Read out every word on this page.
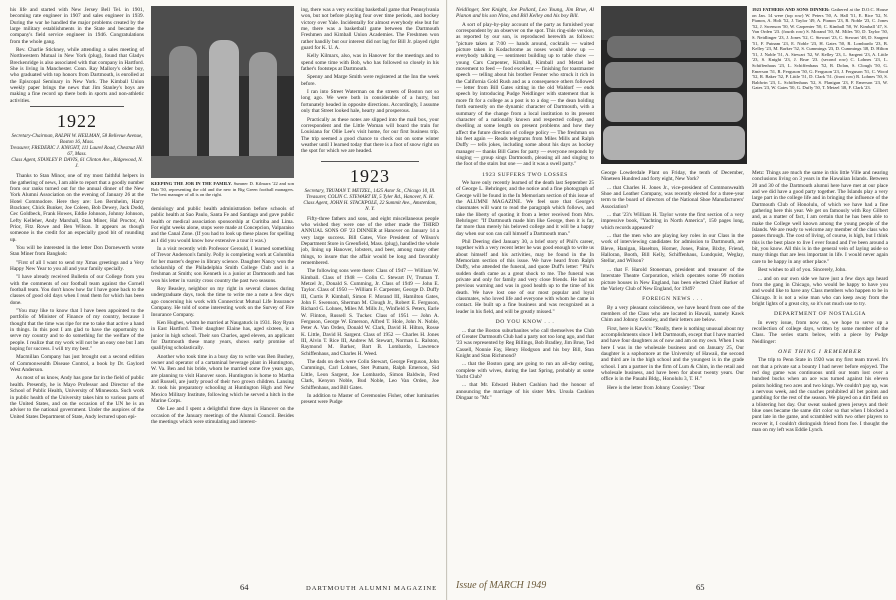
his life and started with New Jersey Bell Tel. in 1901, becoming rate engineer in 1907 and sales engineer in 1939. During the war he handled the major problems created by the large military establishments in the State and became the company's field service engineer in 1946. Congratulations from the whole gang.

Rev. Charlie Stickney, while attending a sales meeting of Northwestern Mutual in New York (plug), found that Gladys Breckenridge is also associated with that company in Hartford. She is living in Manchester. Conn. Ray Mallory's older boy, who graduated with top honors from Dartmouth, is enrolled at the Episcopal Seminary in New York. The Kimball Union weekly paper brings the news that Jim Stanley's boys are making a fine record up there both in sports and non-athletic activities.

1922
Secretary-Chairman, RALPH W. HEILMAN, 58 Bellevue Avenue, Boston 16, Mass.
Treasurer, FREDERIC J. KNIGHT, 111 Laurel Road, Chestnut Hill 67, Mass.
Class Agent, STANLEY P. DAVIS, 61 Clinton Ave., Ridgewood, N. J.

Thanks to Stan Minor, one of my most faithful helpers in the gathering of news, I am able to report that a goodly number from our ranks turned out for the annual dinner of the New York Alumni Association on the evening of January 26 at the Hotel Commodore. Here they are: Len Bernheim, Harry Brackner, Chick Bunker, Joe Coleen, Bob Dewey, Jack Dodd, Cec Goldbeck, Frank Howes, Eddie Johnson, Johnny Johnson, Lefty Kelleher, Andy Marshall, Stan Miner, Hal Proctor, Al Prior, Fitz Rowe and Ben Wilson. It appears as though someone is the credit for an especially good bit of rounding up.

You will be interested in the letter Don Dornewerth wrote Stan Miner from Bangkok:

"First of all I want to send my Xmas greetings and a Very Happy New Year to you all and your family specially.

"I have already received Bulletin of our College from you with the comments of our football team against the Cornell football team. You don't know how far I have gone back to the classes of good old days when I read them for which has been done.

"You may like to know that I have been appointed to the portfolio of Minister of Finance of my country, because I thought that the time was ripe for me to take that active a hand in things. In this post I am glad to have the opportunity to serve my country and to do something for the welfare of the people. I realize that my work will not be an easy one but I am hoping for success. I will try my best."

Macmillan Company has just brought out a second edition of Commonwealth Disease Control, a book by Dr. Gaylord West Anderson.

As most of us know, Andy has gone far in the field of public health. Presently, he is Mayo Professor and Director of the School of Public Health, University of Minnesota. Such work in public health of the University takes him to various parts of the United States, and on the occasion of the UN he is an adviser to the national government. Under the auspices of the United States Department of State, Andy lectured upon epi-

KEEPING THE JOB IN THE FAMILY. Sumner D. Kilmarx '22 and son Bob '50, representing the old and the new in Big Green football managers. The best manager of all is on the right.

demiology and public health administration before schools of public health at Sao Paulo, Santa Fe and Santiago and gave public health or medical association sponsorship at Curitiba and Lima. For eight weeks alone, stops were made at Concepcion, Valparaiso and the Canal Zone. (If you had to look up these places for spelling as I did you would know how extensive a tour it was.)

In a visit recently with Professor Gerould, I learned something of Trevor Anderson's family. Polly is completing work at Columbia for her master's degree in library science. Daughter Nancy won the scholarship of the Philadelphia Smith College Club and is a freshman at Smith; son Kenneth is a junior at Dartmouth and has won his letter in varsity cross country the past two seasons.

Roy Beasley, neighbor on my right in several classes during undergraduate days, took the time to write me a note a few days ago concerning his work with Connecticut Mutual Life Insurance Company. He told of some interesting work on the Survey of Fire Insurance Company.

Ken Hughes, whom he married at Naugatuck in 1931. Roy Ryan in East Hartford. Their daughter Elaine has, aged sixteen, is a junior in high school. Their son Charles, aged eleven, an applicant for Dartmouth these many years, shows early promise of qualifying scholastically.

Another who took time in a busy day to write was Ben Bushey, owner and operator of a cartaminal beverage plant in Huntington, W. Va. Ben and his bride, whom he married some five years ago, are planning to visit Hanover soon. Huntington is home to Martha and Russell, are justly proud of their two grown children. Lansing Jr. took his preparatory schooling at Huntington High and New Mexico Military Institute, following which he served a hitch in the Marine Corps.

Ole Lee and I spent a delightful three days in Hanover on the occasion of the January meetings of the Alumni Council. Besides the meetings which were stimulating and interest-

ing, there was a very exciting basketball game that Pennsylvania won, but not before playing four over time periods, and hockey victory over Yale. Incidentally for almost everybody else but for me, there was a basketball game between the Dartmouth Freshmen and Kimball Union Academies. The Freshmen won rather handily but our interest did not lag for Bill Jr. played right guard for K. U. A.

Kelly Kilmarx, also, was in Hanover for the meetings and to spend some time with Bob, who has followed so closely in his father's footsteps at Dartmouth.

Spenny and Marge Smith were registered at the Inn the week before.

I ran into Street Waterman on the streets of Boston not so long ago. We were both in considerable of a hurry, but fortunately headed in opposite directions. Accordingly, I assume only that Street looked hale, hearty and prosperous.

Practically as these notes are slipped into the mail box, your correspondent and the Little Woman will board the train for Louisiana for Ollie Lee's visit home, for our first business trip. The trip seemed a good chance to check out on some winter weather until I learned today that there is a foot of snow right on the spot for which we are headed.

1923
Secretary, TRUMAN T. METZEL, 1425 Astor St., Chicago 10, Ill.
Treasurer, COLIN C. STEWART III, 5 Tyler Rd., Hanover, N. H.
Class Agent, JOHN H. STACKPOLE, 22 Summit Ave., Amsterdam, N. Y.

Fifty-three fathers and sons, and eight miscellaneous people who wished they were one of the other made the THIRD ANNUAL SONS OF '23 DINNER at Hanover on January 14 a very large success. Bill Gates, Vice President of Wilson's Department Store in Greenfield, Mass. (plug), handled the whole job, lining up Hanover, lobsters, and beer, among many other things, to insure that the affair would be long and favorably remembered.

The following sons were there: Class of 1947 — William W. Kimball. Class of 1948 — Colin C. Stewart IV, Truman T. Metzel Jr., Donald S. Cumming, Jr. Class of 1949 — John E. Taylor. Class of 1950 — William F. Carpenter, George D. Duffy III, Curtis P. Kimball, Simon F. Morand III, Hamilton Gates, John F. Swenson, Sherman M. Clough Jr., Robert E. Ferguson, Richard G. Lohnes, Miles M. Mills Jr., Winfield S. Peters, Earle W. Flinton, Russell S. Tucker. Class of 1951 — John A. Ferguson, George W. Emerson, Alfred T. Hole, John N. Noble, Peter A. Van Orden, Donald W. Clark, David H. Hilton, Rosse K. Little, David H. Sargent. Class of 1952 — Charles H. Jones III, Alvin T. Rice III, Andrew M. Stewart, Norman L. Ralston, Raymond M. Barker, Bart B. Lombardo, Lawrence Schiffenhaus, and Charles H. Weed.

The dads on deck were Colin Stewart, George Ferguson, John Cummings, Carl Lohnes, Stet Putnam, Ralph Emerson, Sid Little, Leon Sargent, Joe Lombardo, Simon Baldwin, Fred Clark, Kenyon Noble, Bud Noble, Leo Van Orden, Joe Schiffenhaus, and Bill Gates.

In addition to Master of Ceremonies Fisher, other luminaries present were Pudge

64	DARTMOUTH ALUMNI MAGAZINE

Neidlinger, Stet Knight, Joe Pollard, Leo Young, Jim Brue, Al Pianon and his son Nino, and Bill Kelley and his boy Bill.

A sort of play-by-play account of the party as furnished your correspondent by an observer on the spot. This ring-side version, as reported by our son, is reproduced herewith as follows: "picture taken at 7:00 — hands around, cocktails — waited picture taken in Kodachrome as noses would show up — everybody talking — sentiment building up to table chow — young Cars Carpenter, Kimball, Kimball and Metzel led movement to feed — food excellent — finishing for toastmaster speech — telling about his brother Fenner who struck it rich in the California Gold Rush and as a consequence others followed — letter from Bill Gates sitting in the old Waldorf — ends speech by introducing Pudge Neidlinger with statement that is more fit for a college as a post is to a dog — the dean holding forth earnestly on the dynamic character of Dartmouth, with a summary of the change from a local institution to its present character of a nationally known and respected college, and dwelling at some length on present problems and how they affect the future direction of college policy — The freshman on his feet again — Reads telegrams from Miles Mills and Ralph Duffy — tells jokes, including some about his days as hockey manager — thanks Bill Gates for party — everyone responds by singing — group sings Dartmouth, pleasing all and singing to the foot of the stairs but one — and it was a swell party."

1923 SUFFERS TWO LOSSES

We have only recently learned of the death last September 25 of George L. Behringer, and the notice and a fine photograph of George will be found in the In Memoriam section of this issue of the ALUMNI MAGAZINE. We feel sure that George's classmates will want to read the paragraph which follows, and take the liberty of quoting it from a letter received from Mrs. Behringer: "If Dartmouth made him like George, then it is far, far more than merely his beloved college and it will be a happy day when our son can call himself a Dartmouth man."

Phil Deering died January 30, a brief story of Phil's career, together with a very recent letter he was good enough to write us about himself and his activities, may be found in the In Memoriam section of this issue. We have heard from Ralph Duffy, who attended the funeral, and quote Duff's letter: "Phil's sudden death came as a great shock to me. The funeral was private and only for family and very close friends. He had no previous warning and was in good health up to the time of his death. We have lost one of our most popular and loyal classmates, who loved life and everyone with whom he came in contact. He built up a fine business and was recognized as a leader in his field, and will be greatly missed."

DO YOU KNOW . . .

... that the Boston suburbanites who call themselves the Club of Greater Dartmouth Club had a party not too long ago, and that '23 was represented by Reg Billings, Bob Bradley, Jim Brue, Ted Cassell, Nonnie Fay, Henry Hodgson and his boy Bill, Stan Knight and Stan Richmond?

... that the Boston gang are going to run an all-day outing, complete with wives, during the last Spring, probably at some Yacht Club?

... that Mr. Edward Hubert Cashion had the honour of announcing the marriage of his sister Mrs. Ursula Cashion Dingaar to "Mr."

1923 FATHERS AND SONS DINNER: Gathered at the D.O.C. House on Jan. 14 were (top row) W. Peters '50, A. Hall '51, E. Rice '52, N. Pianon, A. Holt '52, J. Taylor '49, A. Pianon '23, R. Noble '23, C. Jones '52, J. Swenson '50, W. Carpenter '50, C. Kimball '50, W. Kimball '47, S. Van Orden '23. (fourth row) S. Morand '50, M. Miles '50, D. Taylor '50, S. Neidlinger '23, J. Jones '52, C. Stewart '23, C. Stewart '48, D. Sargent '51, F. Putnam '23, E. Noble '23, H. Gates '50, R. Lombardo '23, B. Kelley '23, M. Barker '52, S. Cummings '23, D. Cummings '48, D. Hilton '51, J. Noble '51, A. Stewart '52, W. Kelley '23, L. Sargent '23, A. Little '23, S. Knight '23, J. Brue '23. (second row) C. Lohnes '23, L. Schiffenhaus '23, L. Schiffenhaus '52, R. Dolan, S. Clough '50, G. Emerson '51, R. Ferguson '50, G. Ferguson '23, J. Ferguson '51, C. Wood '52, R. Baker '52, P. Little '51, D. Clark '51. (front row) R. Lohnes '50, S. Baldwin '23, L. Schiffenhaus '52, S. Flanigan '23, F. Emerson '23, W. Gates '23, W. Gates '50, G. Duffy '50, T. Metzel '48, F. Clark '23.

George Lowderdale Plant on Friday, the tenth of December, Nineteen Hundred and forty eight, New York?

... that Charles H. Jones Jr., vice-president of Commonwealth Shoe and Leather Company, was recently elected for a three-year term to the board of directors of the National Shoe Manufacturers' Association?

... that '23's William H. Taylor wrote the first section of a very impressive book, "Yachting in North America", 150 pages long, which records appeared?

... that the men who are playing key roles in our Class in the work of interviewing candidates for admission to Dartmouth, are Bleve, Hanigan, Haselton, Horner, Jones, Paine, Bixby, Friend, Halloran, Booth, Bill Kelly, Schiffenhaus, Lundquist, Weglay, Stellar, and Wilson?

... that F. Harold Stoneman, president and treasurer of the Interstate Theatre Corporation, which operates some 99 motion picture houses in New England, has been elected Chief Barker of the Variety Club of New England, for 1949?

FOREIGN NEWS . . .

By a very pleasant coincidence, we have heard from one of the members of the Class who are located in Hawaii, namely Kawk Chim and Johnny Coonley, and their letters are below.

First, here is Kawk's: "Really, there is nothing unusual about my accomplishments since I left Dartmouth, except that I have married and have four daughters as of now and am on my own. When I was here I was in the wholesale business and on January 25, Our daughter is a sophomore at the University of Hawaii, the second and third are in the high school and the youngest is in the grade school. I am a partner in the firm of Lum & Chim, in the retail and wholesale business, and have been for about twenty years. Our office is in the Pauahi Bldg., Honolulu 3, T. H."

Here is the letter from Johnny Coonley: "Dear

Metz: Things are much the same in this little Ville and nearing conclusions living on 3 years in the Hawaiian Islands. Between 20 and 30 of the Dartmouth alumni here have met at our place and we did have a good party together. The Islands play a very large part in the college life and in bringing the influence of the Dartmouth Club of Honolulu, of which we have had a fine gathering here this year. We get on famously with Roy Gilbert and, as a matter of fact, I am certain that he has been able to make the College well known among the young people of the Islands. We are ready to welcome any member of the class who passes through. The cost of living, of course, is high, but I think this is the best place to live I ever found and I've been around a bit, you know. All this is in the general vein of laying aside so many things that are less important in life. I would never again care to be happy in any other place."

Best wishes to all of you. Sincerely, John.

... and on our own side we have just a few days ago heard from the gang in Chicago, who would be happy to have you and would like to have any Class members who happen to be in Chicago. It is not a wise man who can keep away from the bright lights of a great city, so it's not much use to try.

DEPARTMENT OF NOSTALGIA

In every issue, from now on, we hope to serve up a recollection of college days, written by some member of the Class. The series starts below, with a piece by Pudge Neidlinger:

ONE THING I REMEMBER

The trip to Penn State in 1920 was my first team travel. It's not that a private sat a bounty I had never before enjoyed. The red dog game was continuous until our team lost over a hundred bucks when an ace was turned against his eleven points holding two aces and two kings. We couldn't pay up, was a nervous week, and the coaches prohibited all bet points and gambling for the rest of the season. We played on a dirt field on a blistering hot day. Our sweat soaked green jerseys and their blue ones became the same dirt color so that when I blocked a punt late in the game, and scrambled with two other players to recover it, I couldn't distinguish friend from foe. I thought the man on my left was Eddie Lynch.

Issue of MARCH 1949	65
